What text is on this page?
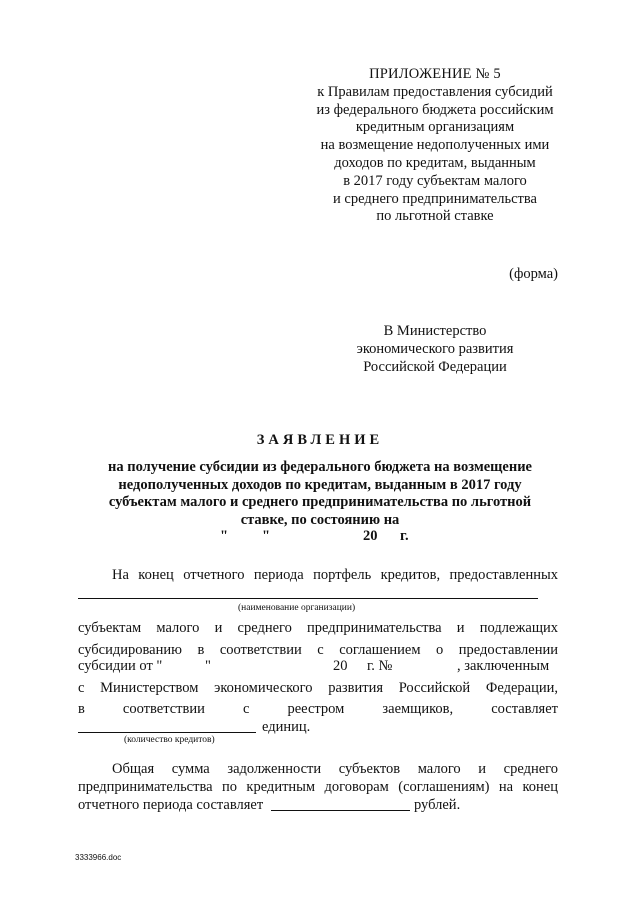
ПРИЛОЖЕНИЕ № 5
к Правилам предоставления субсидий
из федерального бюджета российским
кредитным организациям
на возмещение недополученных ими
доходов по кредитам, выданным
в 2017 году субъектам малого
и среднего предпринимательства
по льготной ставке
(форма)
В Министерство
экономического развития
Российской Федерации
ЗАЯВЛЕНИЕ
на получение субсидии из федерального бюджета на возмещение
недополученных доходов по кредитам, выданным в 2017 году
субъектам малого и среднего предпринимательства по льготной
ставке, по состоянию на
" "	20 г.
На конец отчетного периода портфель кредитов, предоставленных
(наименование организации)
субъектам малого и среднего предпринимательства и подлежащих
субсидированию в соответствии с соглашением о предоставлении
субсидии от "	"	20 г. №	, заключенным
с Министерством экономического развития Российской Федерации,
в соответствии с реестром заемщиков, составляет
единиц.
(количество кредитов)
Общая сумма задолженности субъектов малого и среднего
предпринимательства по кредитным договорам (соглашениям) на конец
отчетного периода составляет	рублей.
3333966.doc
